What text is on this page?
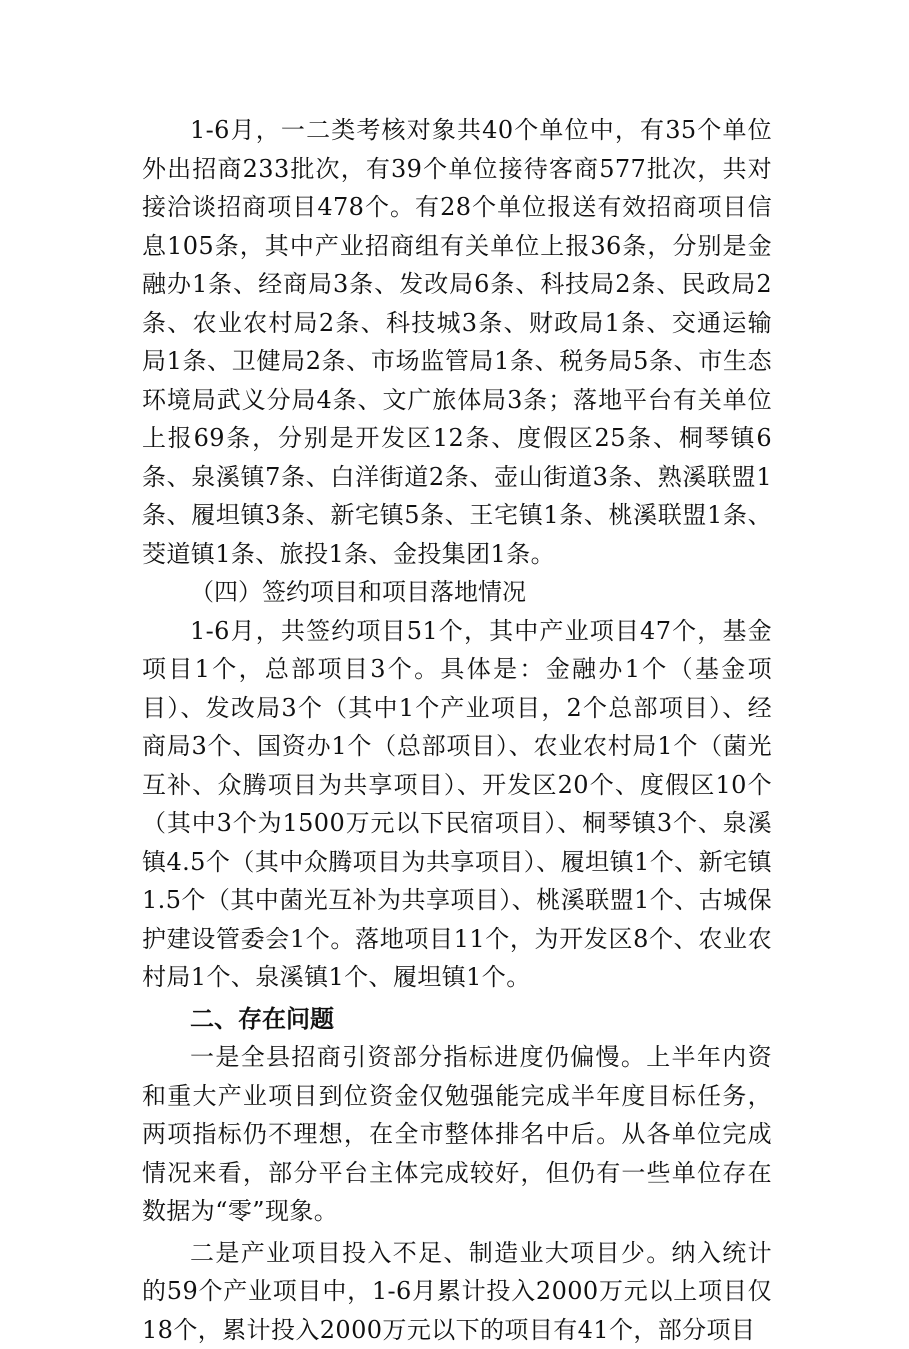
1-6月，一二类考核对象共40个单位中，有35个单位外出招商233批次，有39个单位接待客商577批次，共对接洽谈招商项目478个。有28个单位报送有效招商项目信息105条，其中产业招商组有关单位上报36条，分别是金融办1条、经商局3条、发改局6条、科技局2条、民政局2条、农业农村局2条、科技城3条、财政局1条、交通运输局1条、卫健局2条、市场监管局1条、税务局5条、市生态环境局武义分局4条、文广旅体局3条；落地平台有关单位上报69条，分别是开发区12条、度假区25条、桐琴镇6条、泉溪镇7条、白洋街道2条、壶山街道3条、熟溪联盟1条、履坦镇3条、新宅镇5条、王宅镇1条、桃溪联盟1条、茭道镇1条、旅投1条、金投集团1条。

（四）签约项目和项目落地情况

1-6月，共签约项目51个，其中产业项目47个，基金项目1个，总部项目3个。具体是：金融办1个（基金项目）、发改局3个（其中1个产业项目，2个总部项目）、经商局3个、国资办1个（总部项目）、农业农村局1个（菌光互补、众腾项目为共享项目）、开发区20个、度假区10个（其中3个为1500万元以下民宿项目）、桐琴镇3个、泉溪镇4.5个（其中众腾项目为共享项目）、履坦镇1个、新宅镇1.5个（其中菌光互补为共享项目）、桃溪联盟1个、古城保护建设管委会1个。落地项目11个，为开发区8个、农业农村局1个、泉溪镇1个、履坦镇1个。

二、存在问题

一是全县招商引资部分指标进度仍偏慢。上半年内资和重大产业项目到位资金仅勉强能完成半年度目标任务，两项指标仍不理想，在全市整体排名中后。从各单位完成情况来看，部分平台主体完成较好，但仍有一些单位存在数据为“零”现象。

二是产业项目投入不足、制造业大项目少。纳入统计的59个产业项目中，1-6月累计投入2000万元以上项目仅18个，累计投入2000万元以下的项目有41个，部分项目
